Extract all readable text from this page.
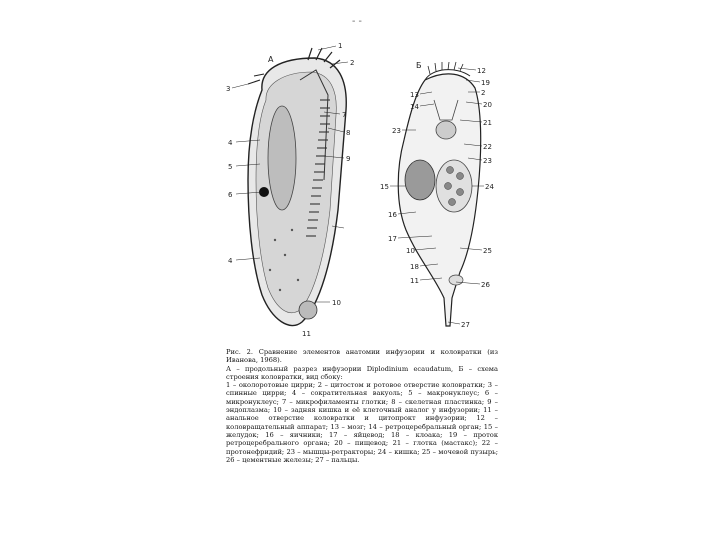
- -
А
1
2
3
4
5
6
7
8
9
4
10
11
Б
12
19
13	2
14	20
21
23
22
23
15	24
16
17
10	25
18
11	26
27

Рис. 2. Сравнение элементов анатомии инфузории и коловратки (из Иванова, 1968).

А – продольный разрез инфузории Diplodinium ecaudatum, Б – схема строения коловратки, вид сбоку:

1 – околоротовые цирри; 2 – цитостом и ротовое отверстие коловратки; 3 – спинные цирри; 4 – сократительная вакуоль; 5 – макронуклеус; 6 – микронуклеус; 7 – микрофиламенты глотки; 8 – скелетная пластинка; 9 – эндоплазма; 10 – задняя кишка и её клеточный аналог у инфузории; 11 – анальное отверстие коловратки и цитопрокт инфузории; 12 – коловращательный аппарат; 13 – мозг; 14 – ретроцеребральный орган; 15 – желудок; 16 – яичники; 17 – яйцевод; 18 – клоака; 19 – проток ретроцеребрального органа; 20 – пищевод; 21 – глотка (мастакс); 22 – протонефридий; 23 – мышцы-ретракторы; 24 – кишка; 25 – мочевой пузырь; 26 – цементные железы; 27 – пальцы.
